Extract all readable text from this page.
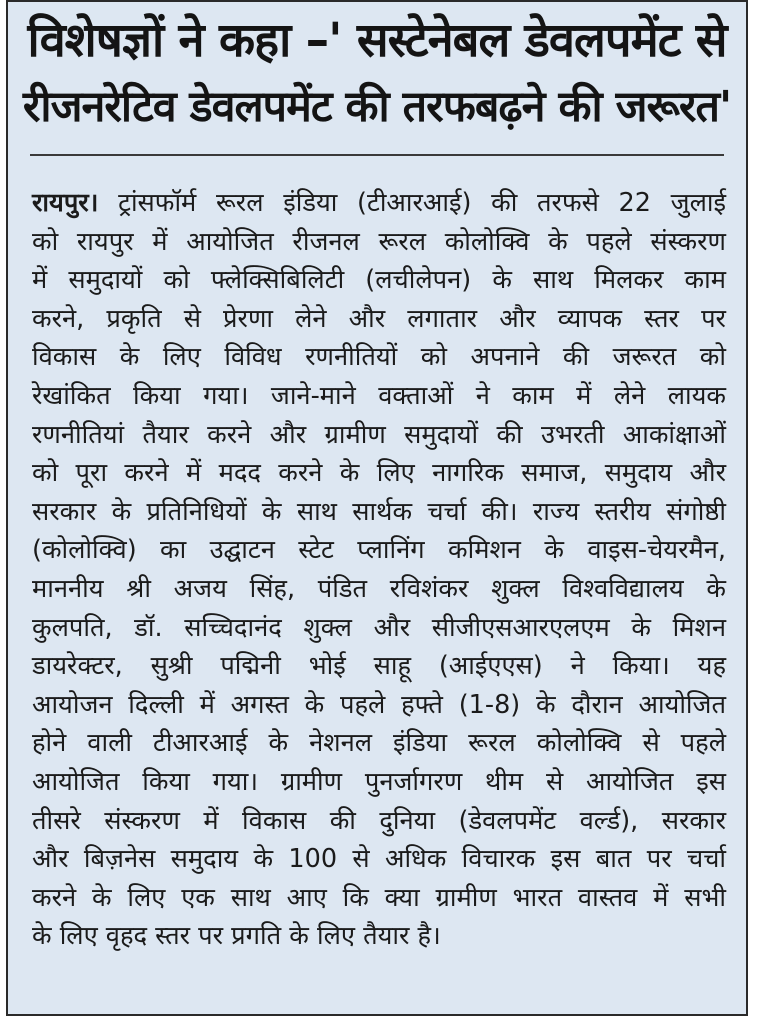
विशेषज्ञों ने कहा –' सस्टेनेबल डेवलपमेंट से
रीजनरेटिव डेवलपमेंट की तरफबढ़ने की जरूरत'
रायपुर। ट्रांसफॉर्म रूरल इंडिया (टीआरआई) की तरफसे 22 जुलाई
को रायपुर में आयोजित रीजनल रूरल कोलोक्वि के पहले संस्करण
में समुदायों को फ्लेक्सिबिलिटी (लचीलेपन) के साथ मिलकर काम
करने, प्रकृति से प्रेरणा लेने और लगातार और व्यापक स्तर पर
विकास के लिए विविध रणनीतियों को अपनाने की जरूरत को
रेखांकित किया गया। जाने-माने वक्ताओं ने काम में लेने लायक
रणनीतियां तैयार करने और ग्रामीण समुदायों की उभरती आकांक्षाओं
को पूरा करने में मदद करने के लिए नागरिक समाज, समुदाय और
सरकार के प्रतिनिधियों के साथ सार्थक चर्चा की। राज्य स्तरीय संगोष्ठी
(कोलोक्वि) का उद्घाटन स्टेट प्लानिंग कमिशन के वाइस-चेयरमैन,
माननीय श्री अजय सिंह, पंडित रविशंकर शुक्ल विश्वविद्यालय के
कुलपति, डॉ. सच्चिदानंद शुक्ल और सीजीएसआरएलएम के मिशन
डायरेक्टर, सुश्री पद्मिनी भोई साहू (आईएएस) ने किया। यह
आयोजन दिल्ली में अगस्त के पहले हफ्ते (1-8) के दौरान आयोजित
होने वाली टीआरआई के नेशनल इंडिया रूरल कोलोक्वि से पहले
आयोजित किया गया। ग्रामीण पुनर्जागरण थीम से आयोजित इस
तीसरे संस्करण में विकास की दुनिया (डेवलपमेंट वर्ल्ड), सरकार
और बिज़नेस समुदाय के 100 से अधिक विचारक इस बात पर चर्चा
करने के लिए एक साथ आए कि क्या ग्रामीण भारत वास्तव में सभी
के लिए वृहद स्तर पर प्रगति के लिए तैयार है।
